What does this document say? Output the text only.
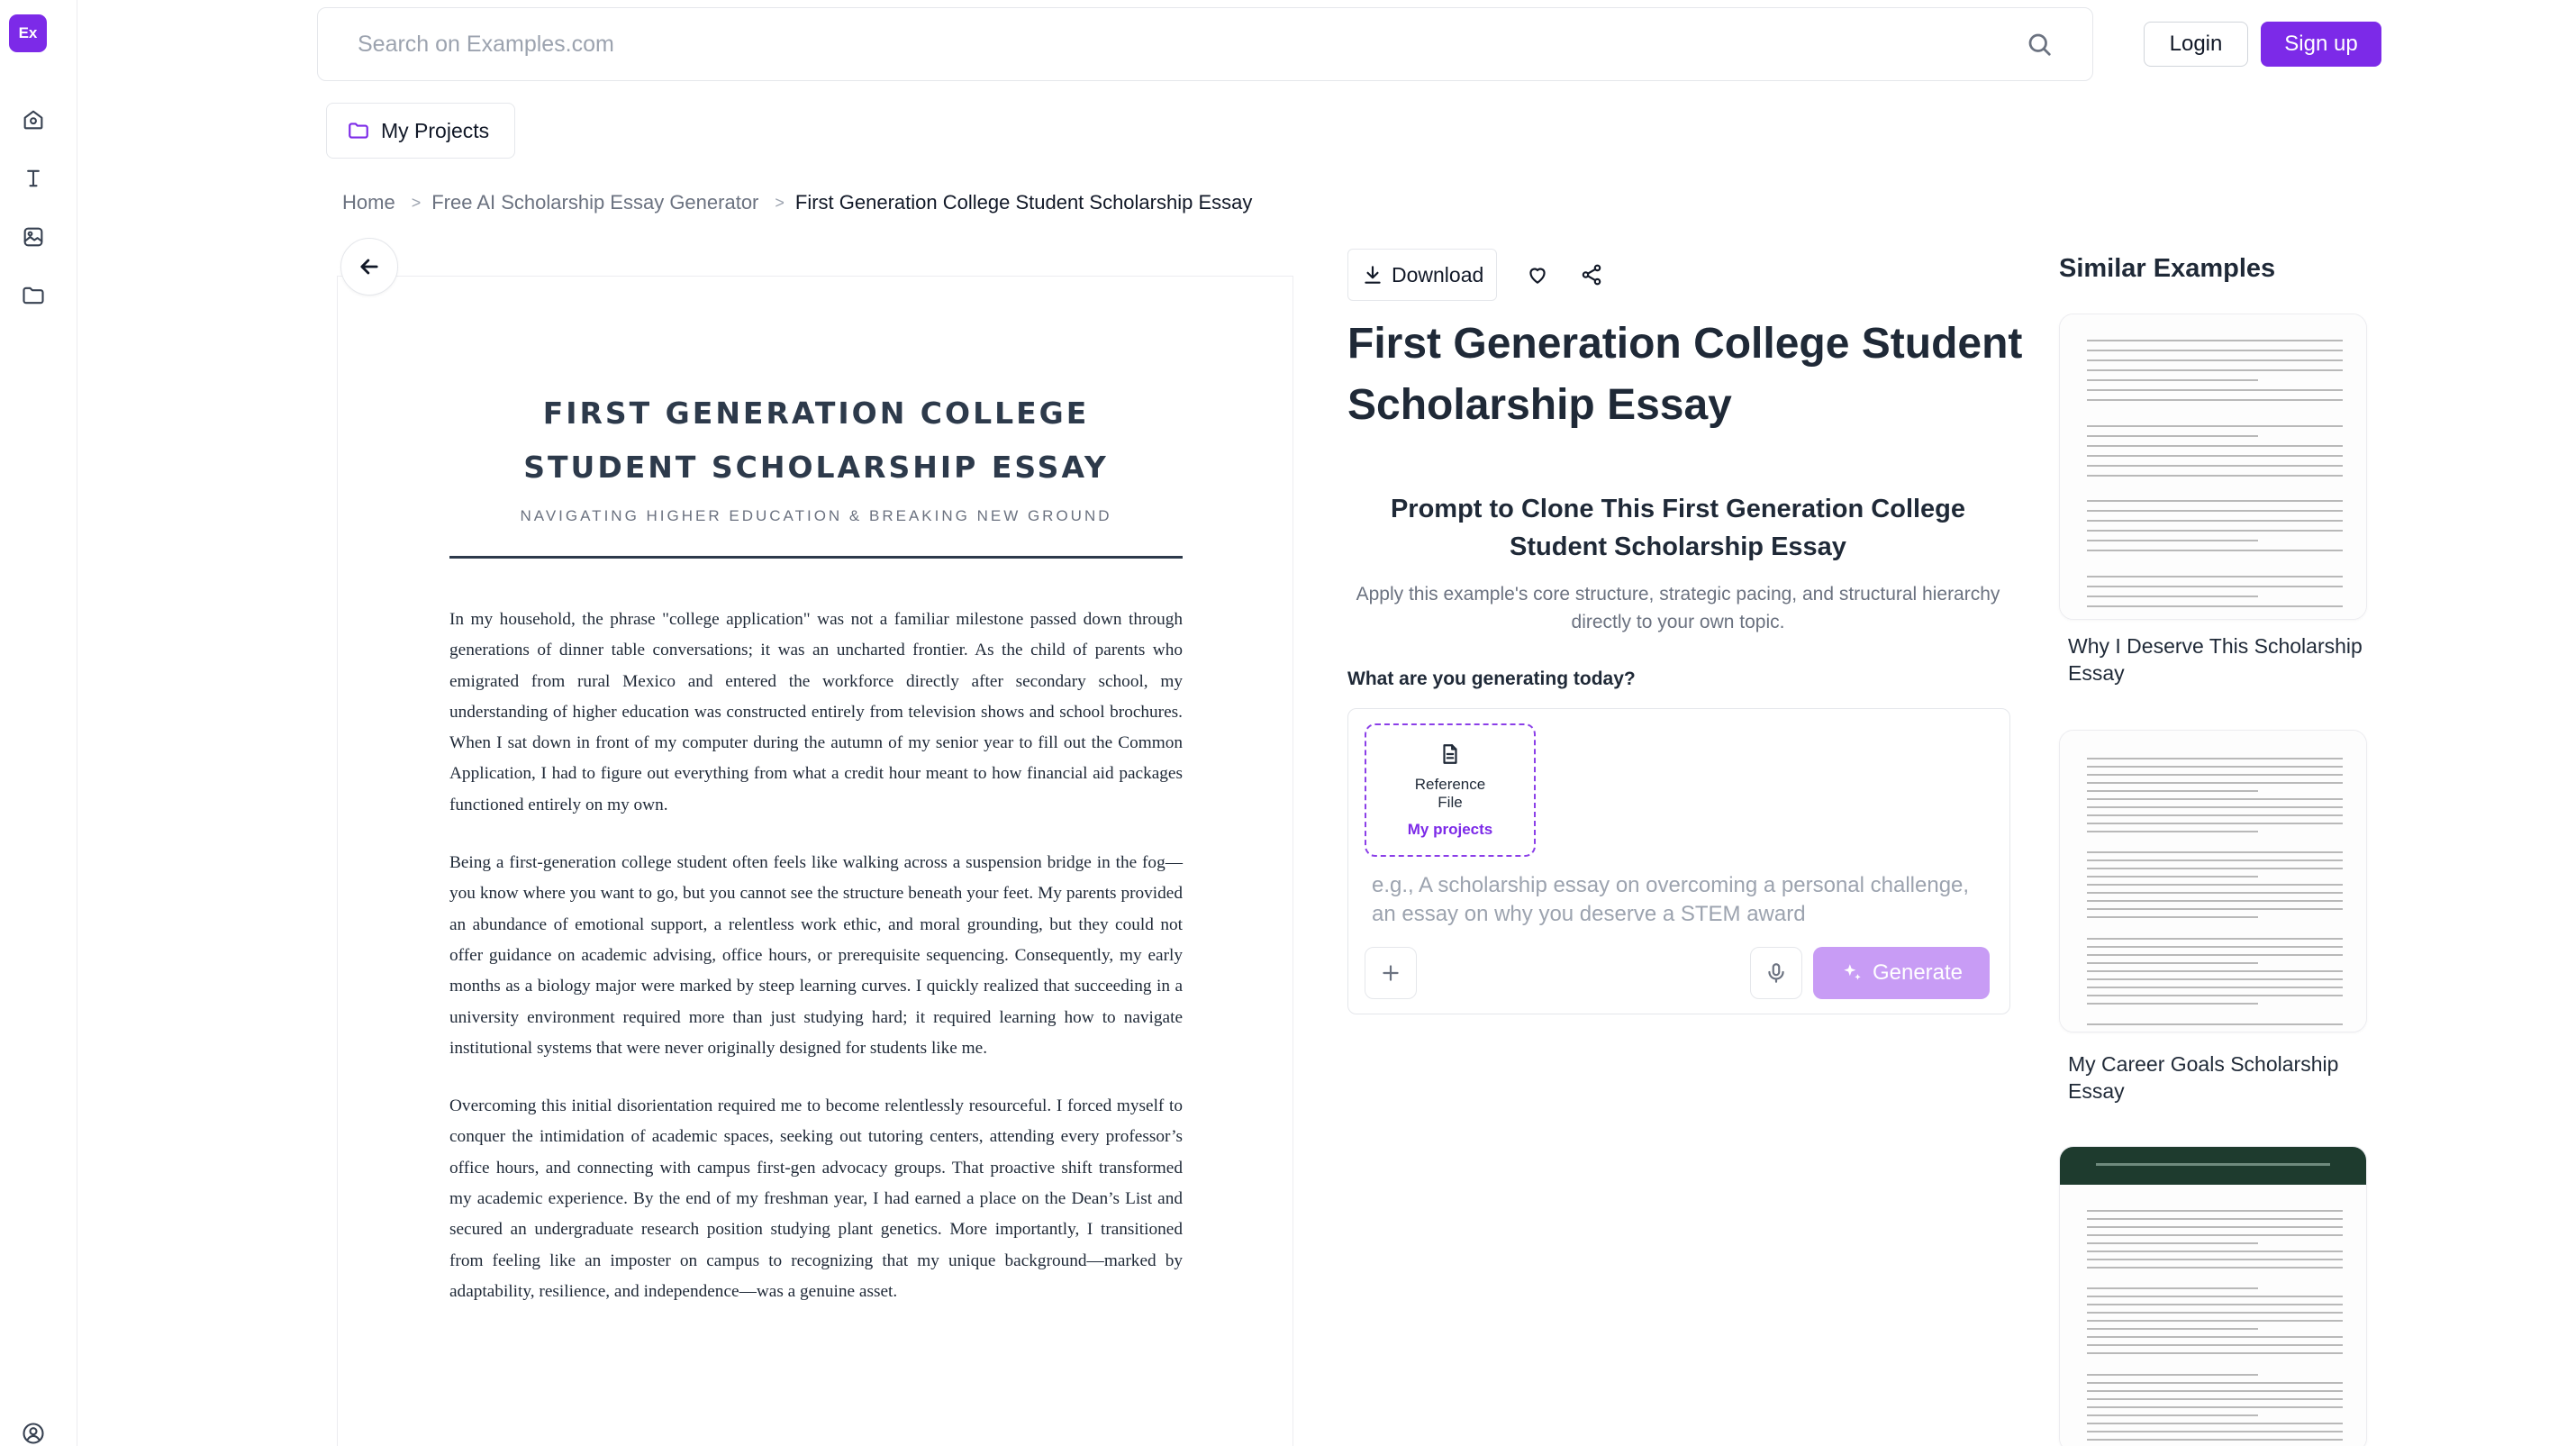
Ex
Search on Examples.com	Login	Sign up
My Projects
Home > Free AI Scholarship Essay Generator > First Generation College Student Scholarship Essay
FIRST GENERATION COLLEGE STUDENT SCHOLARSHIP ESSAY
NAVIGATING HIGHER EDUCATION & BREAKING NEW GROUND

In my household, the phrase "college application" was not a familiar milestone passed down through generations of dinner table conversations; it was an uncharted frontier. As the child of parents who emigrated from rural Mexico and entered the workforce directly after secondary school, my understanding of higher education was constructed entirely from television shows and school brochures. When I sat down in front of my computer during the autumn of my senior year to fill out the Common Application, I had to figure out everything from what a credit hour meant to how financial aid packages functioned entirely on my own.

Being a first-generation college student often feels like walking across a suspension bridge in the fog—you know where you want to go, but you cannot see the structure beneath your feet. My parents provided an abundance of emotional support, a relentless work ethic, and moral grounding, but they could not offer guidance on academic advising, office hours, or prerequisite sequencing. Consequently, my early months as a biology major were marked by steep learning curves. I quickly realized that succeeding in a university environment required more than just studying hard; it required learning how to navigate institutional systems that were never originally designed for students like me.

Overcoming this initial disorientation required me to become relentlessly resourceful. I forced myself to conquer the intimidation of academic spaces, seeking out tutoring centers, attending every professor’s office hours, and connecting with campus first-gen advocacy groups. That proactive shift transformed my academic experience. By the end of my freshman year, I had earned a place on the Dean’s List and secured an undergraduate research position studying plant genetics. More importantly, I transitioned from feeling like an imposter on campus to recognizing that my unique background—marked by adaptability, resilience, and independence—was a genuine asset.

Download
First Generation College Student Scholarship Essay
Prompt to Clone This First Generation College Student Scholarship Essay

Apply this example's core structure, strategic pacing, and structural hierarchy directly to your own topic.

What are you generating today?
Reference File
My projects
e.g., A scholarship essay on overcoming a personal challenge, an essay on why you deserve a STEM award
Generate
Similar Examples
Why I Deserve This Scholarship Essay
My Career Goals Scholarship Essay
